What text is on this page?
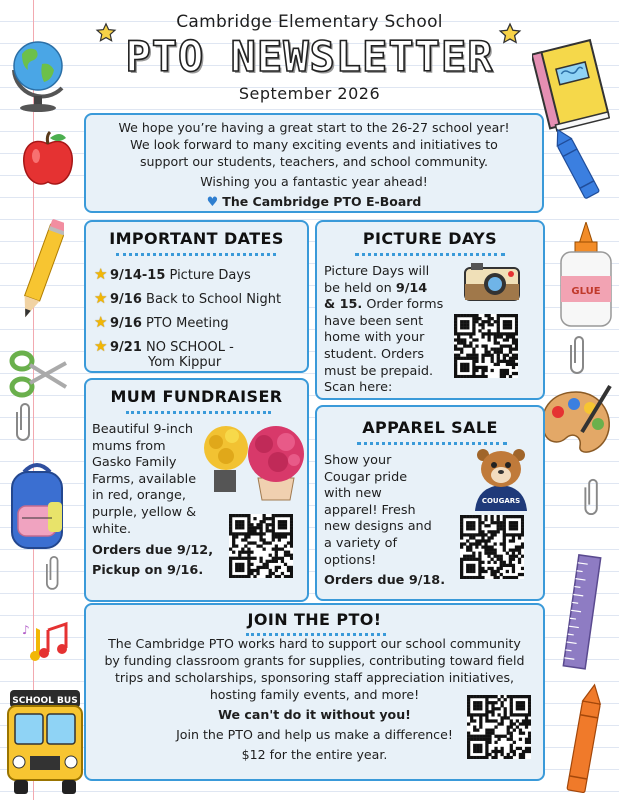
Cambridge Elementary School
PTO NEWSLETTER
September 2026
♪
SCHOOL BUS
GLUE
We hope you’re having a great start to the 26-27 school year!
We look forward to many exciting events and initiatives to
support our students, teachers, and school community.
Wishing you a fantastic year ahead!
♥ The Cambridge PTO E-Board
IMPORTANT DATES
★ 9/14-15 Picture Days
★ 9/16 Back to School Night
★ 9/16 PTO Meeting
★ 9/21 NO SCHOOL -
Yom Kippur
PICTURE DAYS
Picture Days will
be held on 9/14
& 15. Order forms
have been sent
home with your
student. Orders
must be prepaid.
Scan here:
MUM FUNDRAISER
Beautiful 9-inch
mums from
Gasko Family
Farms, available
in red, orange,
purple, yellow &
white.
Orders due 9/12,
Pickup on 9/16.
APPAREL SALE
Show your
Cougar pride
with new
apparel! Fresh
new designs and
a variety of
options!
Orders due 9/18.
COUGARS
JOIN THE PTO!
The Cambridge PTO works hard to support our school community
by funding classroom grants for supplies, contributing toward field
trips and scholarships, sponsoring staff appreciation initiatives,
hosting family events, and more!
We can't do it without you!
Join the PTO and help us make a difference!
$12 for the entire year.
